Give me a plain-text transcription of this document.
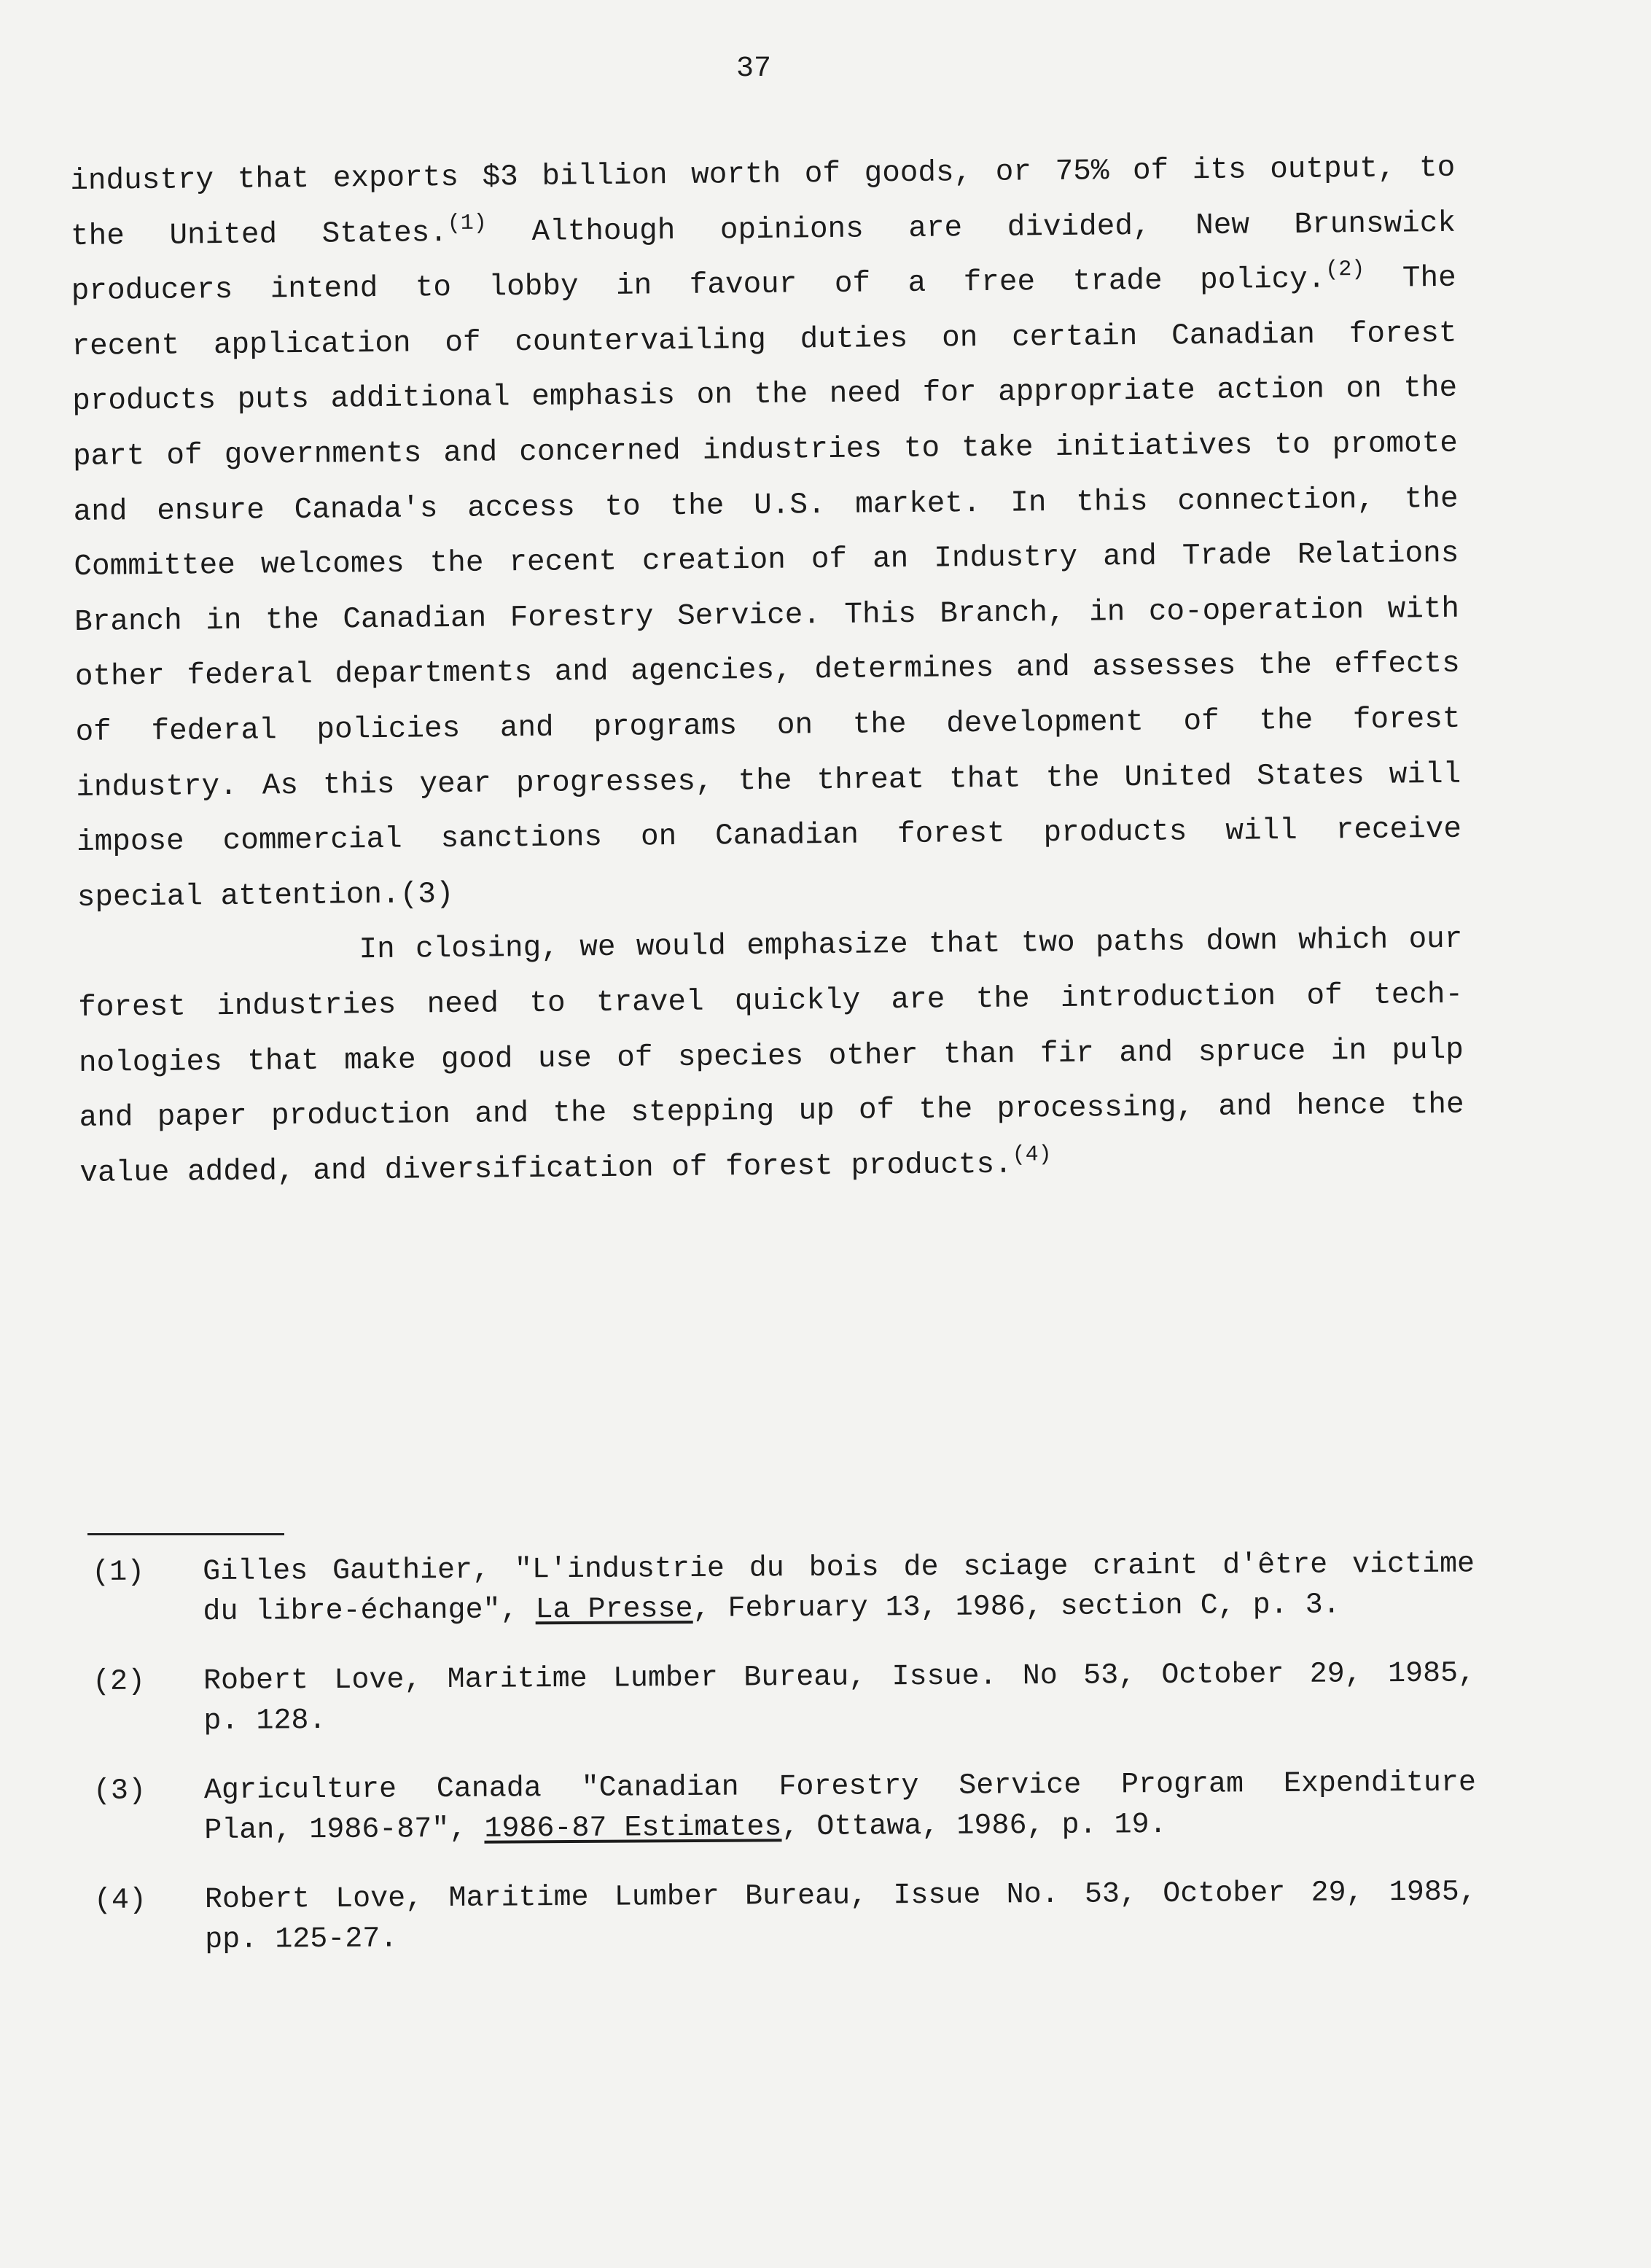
37
industry that exports $3 billion worth of goods, or 75% of its output, to
the United States.$^{(1)}$ Although opinions are divided, New Brunswick
producers intend to lobby in favour of a free trade policy.$^{(2)}$ The
recent application of countervailing duties on certain Canadian forest
products puts additional emphasis on the need for appropriate action on the
part of governments and concerned industries to take initiatives to promote
and ensure Canada's access to the U.S. market. In this connection, the
Committee welcomes the recent creation of an Industry and Trade Relations
Branch in the Canadian Forestry Service. This Branch, in co-operation with
other federal departments and agencies, determines and assesses the effects
of federal policies and programs on the development of the forest
industry. As this year progresses, the threat that the United States will
impose commercial sanctions on Canadian forest products will receive
special attention.(3)
In closing, we would emphasize that two paths down which our
forest industries need to travel quickly are the introduction of tech-
nologies that make good use of species other than fir and spruce in pulp
and paper production and the stepping up of the processing, and hence the
value added, and diversification of forest products.$^{(4)}$
(1)	Gilles Gauthier, "L'industrie du bois de sciage craint d'être victime
du libre-échange", La Presse, February 13, 1986, section C, p. 3.
(2)	Robert Love, Maritime Lumber Bureau, Issue. No 53, October 29, 1985,
p. 128.
(3)	Agriculture Canada "Canadian Forestry Service Program Expenditure
Plan, 1986-87", 1986-87 Estimates, Ottawa, 1986, p. 19.
(4)	Robert Love, Maritime Lumber Bureau, Issue No. 53, October 29, 1985,
pp. 125-27.
